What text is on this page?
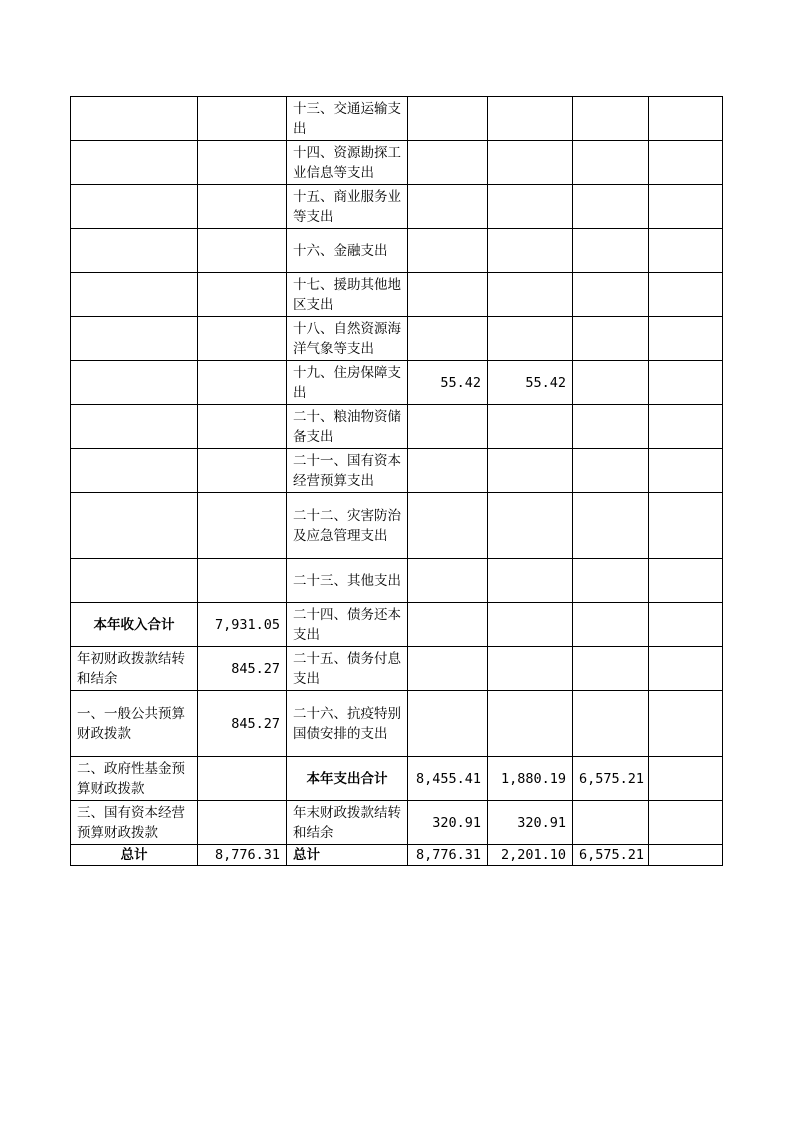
		十三、交通运输支出				
		十四、资源勘探工业信息等支出				
		十五、商业服务业等支出				
		十六、金融支出				
		十七、援助其他地区支出				
		十八、自然资源海洋气象等支出				
		十九、住房保障支出	55.42	55.42		
		二十、粮油物资储备支出				
		二十一、国有资本经营预算支出				
		二十二、灾害防治及应急管理支出				
		二十三、其他支出				
本年收入合计	7,931.05	二十四、债务还本支出				
年初财政拨款结转和结余	845.27	二十五、债务付息支出				
一、一般公共预算财政拨款	845.27	二十六、抗疫特别国债安排的支出				
二、政府性基金预算财政拨款		本年支出合计	8,455.41	1,880.19	6,575.21	
三、国有资本经营预算财政拨款		年末财政拨款结转和结余	320.91	320.91		
总计	8,776.31	总计	8,776.31	2,201.10	6,575.21	
